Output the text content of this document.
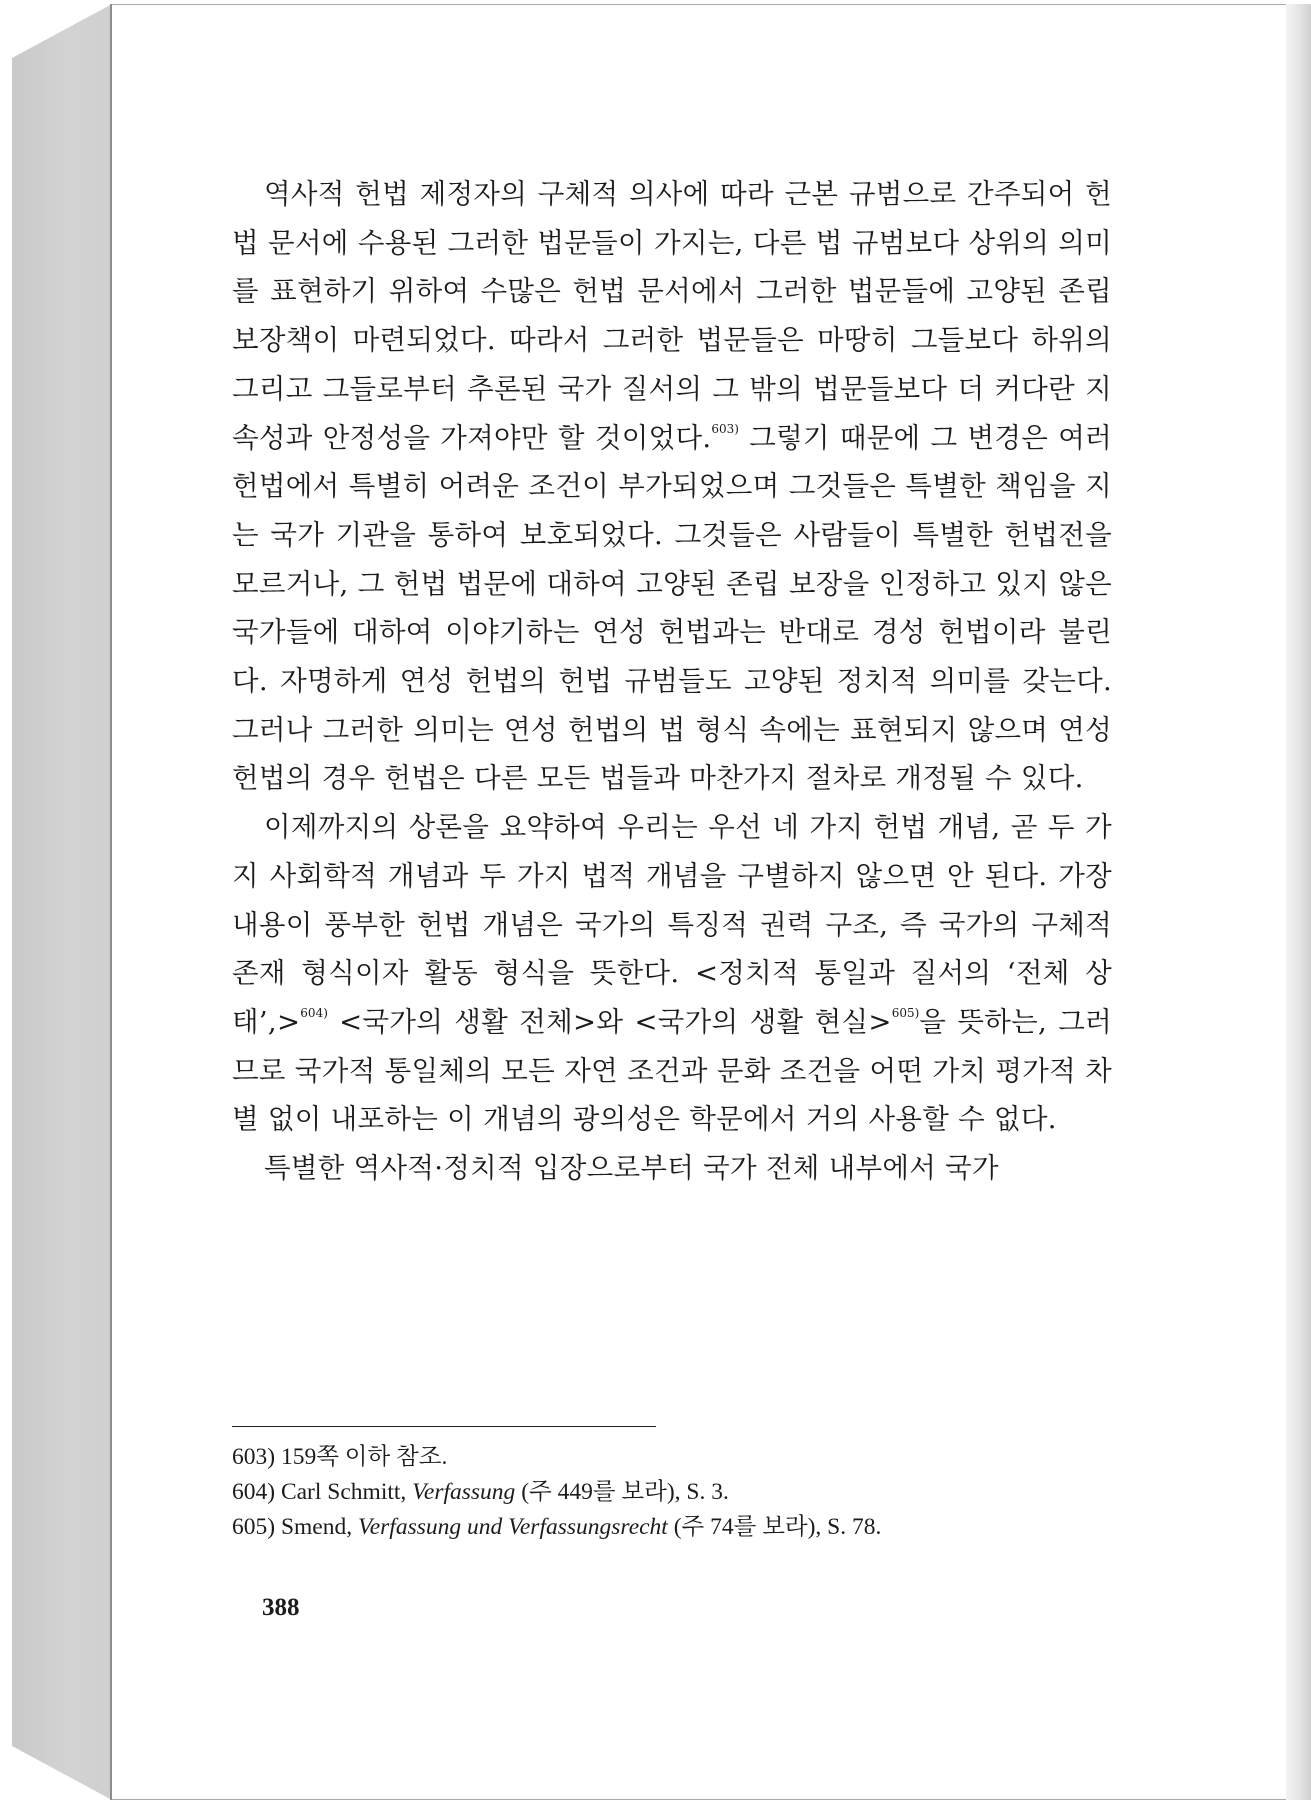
역사적 헌법 제정자의 구체적 의사에 따라 근본 규범으로 간주되어 헌법 문서에 수용된 그러한 법문들이 가지는, 다른 법 규범보다 상위의 의미를 표현하기 위하여 수많은 헌법 문서에서 그러한 법문들에 고양된 존립 보장책이 마련되었다. 따라서 그러한 법문들은 마땅히 그들보다 하위의 그리고 그들로부터 추론된 국가 질서의 그 밖의 법문들보다 더 커다란 지속성과 안정성을 가져야만 할 것이었다.$^{603)}$ 그렇기 때문에 그 변경은 여러 헌법에서 특별히 어려운 조건이 부가되었으며 그것들은 특별한 책임을 지는 국가 기관을 통하여 보호되었다. 그것들은 사람들이 특별한 헌법전을 모르거나, 그 헌법 법문에 대하여 고양된 존립 보장을 인정하고 있지 않은 국가들에 대하여 이야기하는 연성 헌법과는 반대로 경성 헌법이라 불린다. 자명하게 연성 헌법의 헌법 규범들도 고양된 정치적 의미를 갖는다. 그러나 그러한 의미는 연성 헌법의 법 형식 속에는 표현되지 않으며 연성 헌법의 경우 헌법은 다른 모든 법들과 마찬가지 절차로 개정될 수 있다.

이제까지의 상론을 요약하여 우리는 우선 네 가지 헌법 개념, 곧 두 가지 사회학적 개념과 두 가지 법적 개념을 구별하지 않으면 안 된다. 가장 내용이 풍부한 헌법 개념은 국가의 특징적 권력 구조, 즉 국가의 구체적 존재 형식이자 활동 형식을 뜻한다. <정치적 통일과 질서의 ‘전체 상태’,>$^{604)}$ <국가의 생활 전체>와 <국가의 생활 현실>$^{605)}$을 뜻하는, 그러므로 국가적 통일체의 모든 자연 조건과 문화 조건을 어떤 가치 평가적 차별 없이 내포하는 이 개념의 광의성은 학문에서 거의 사용할 수 없다.

특별한 역사적·정치적 입장으로부터 국가 전체 내부에서 국가

603) 159쪽 이하 참조.

604) Carl Schmitt, Verfassung (주 449를 보라), S. 3.

605) Smend, Verfassung und Verfassungsrecht (주 74를 보라), S. 78.

388
